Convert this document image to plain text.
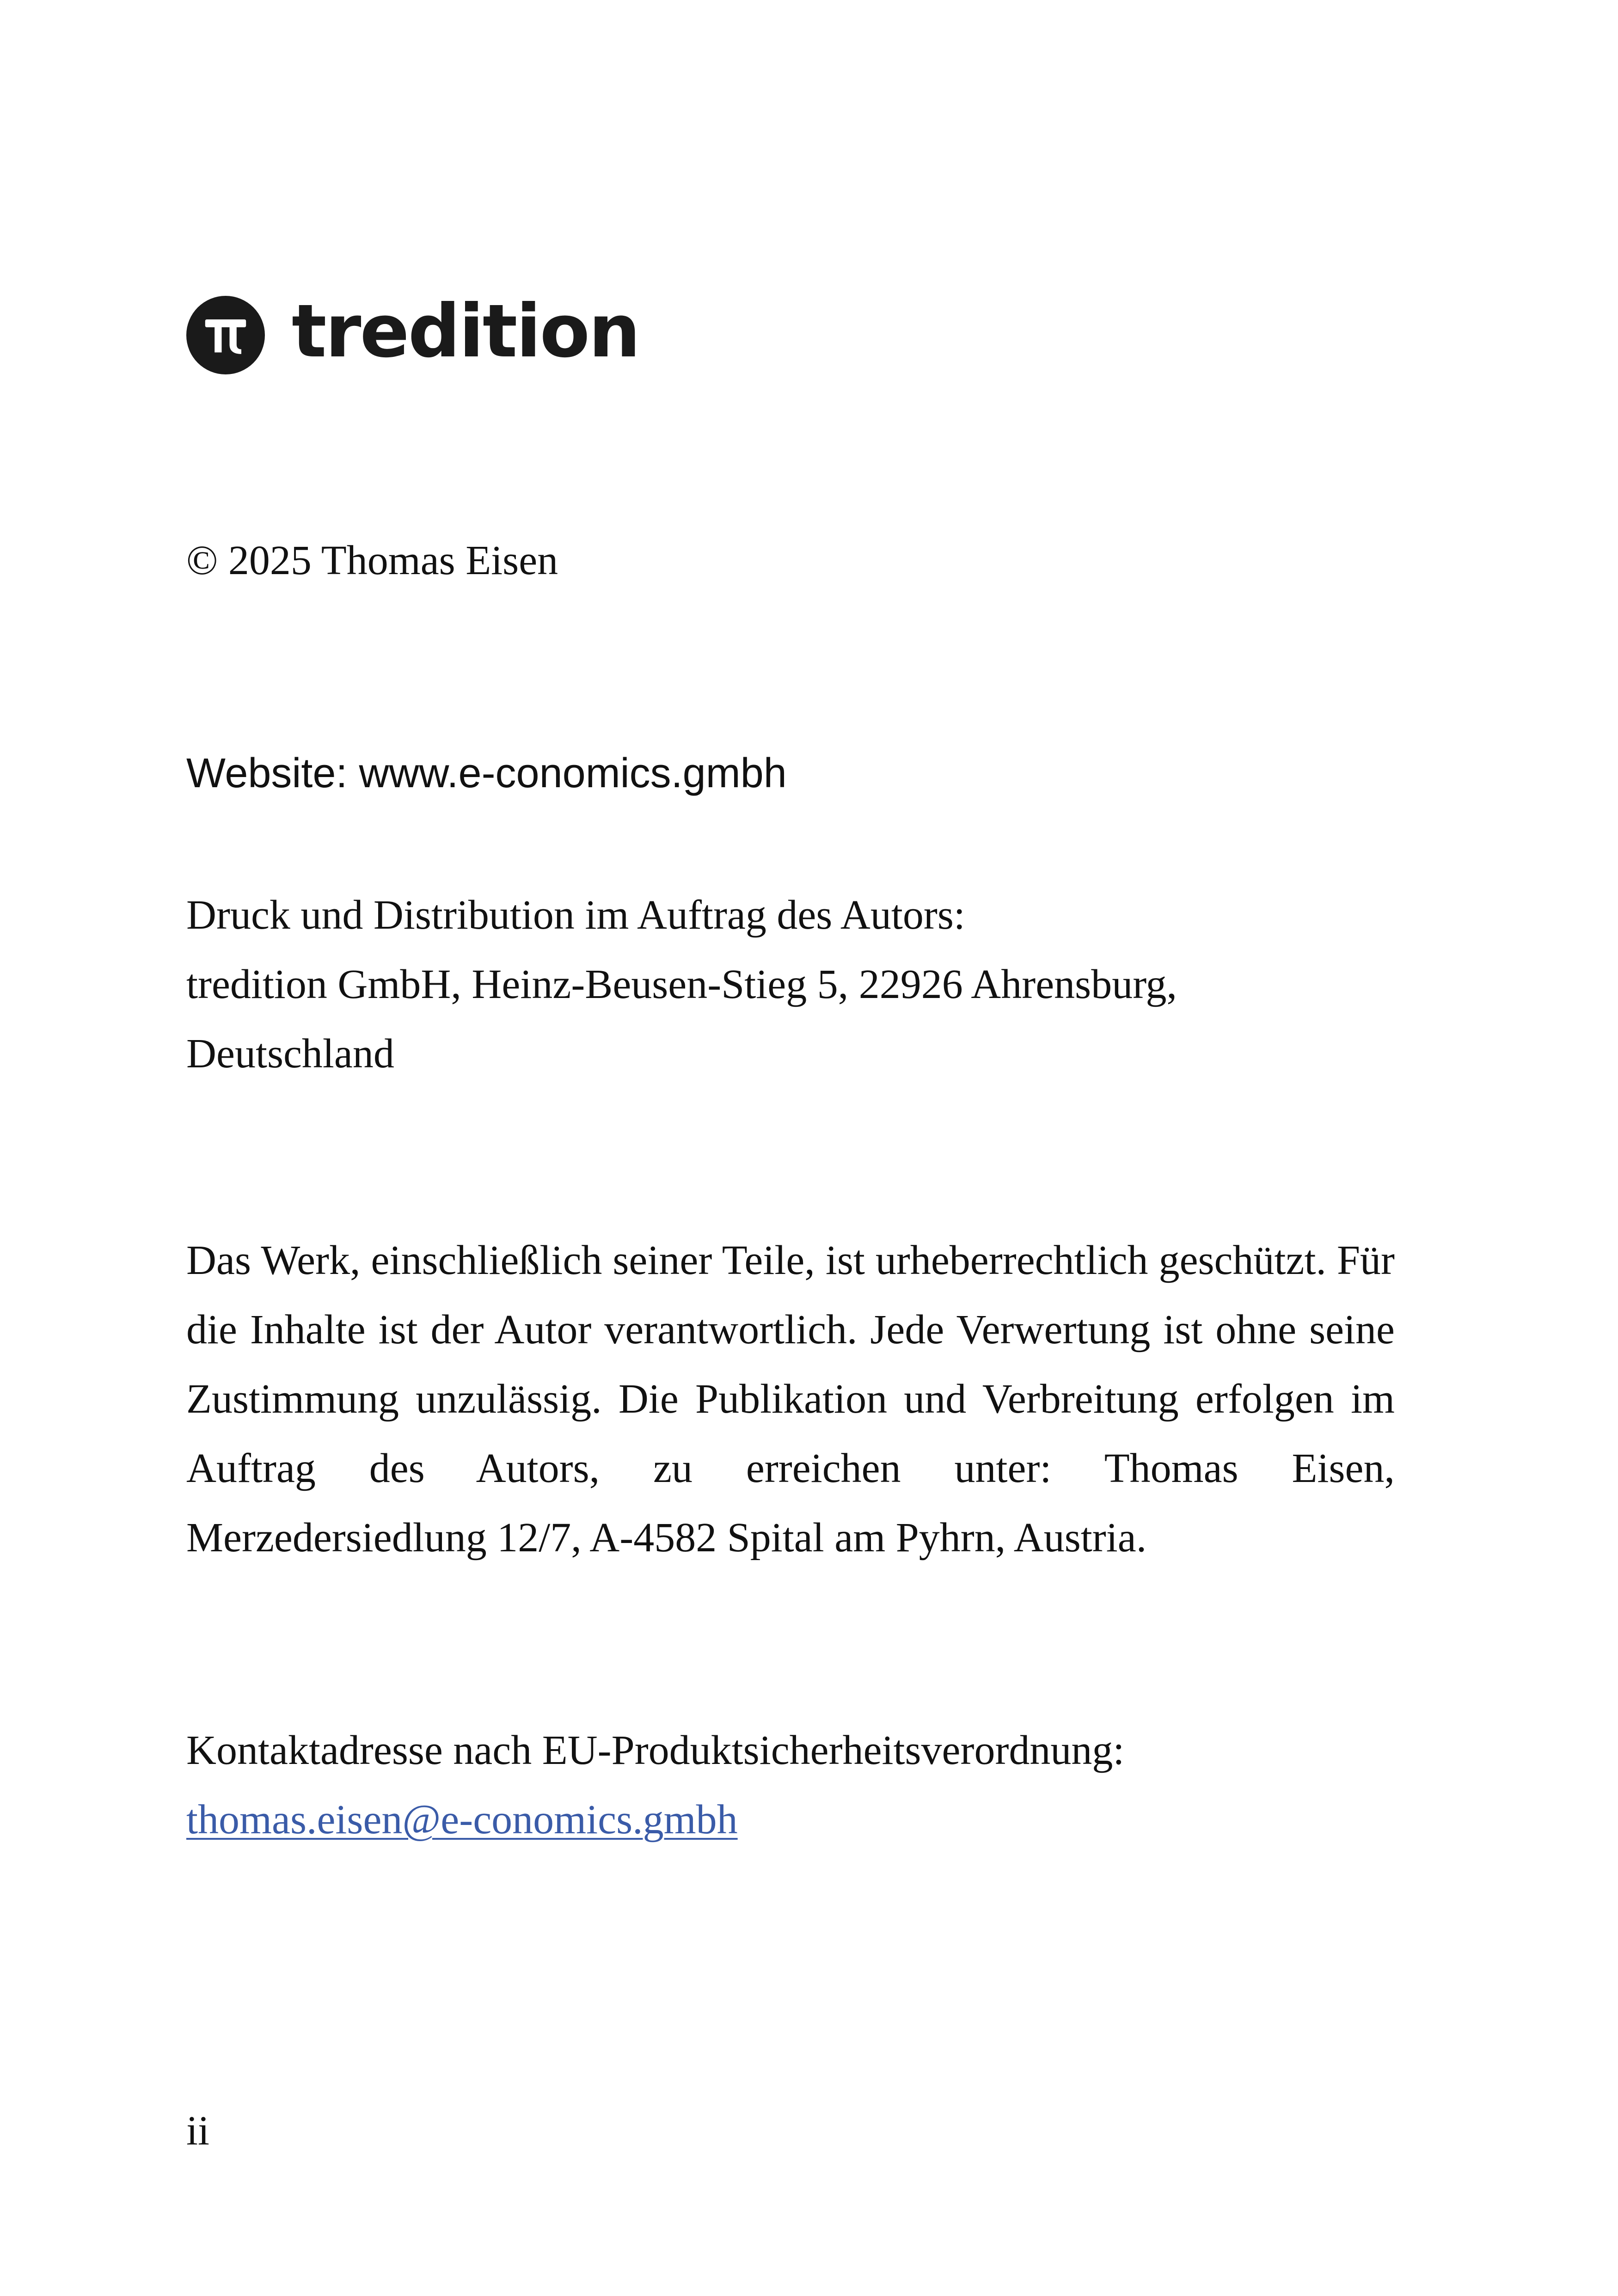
tredition

© 2025 Thomas Eisen

Website: www.e-conomics.gmbh

Druck und Distribution im Auftrag des Autors:
tredition GmbH, Heinz-Beusen-Stieg 5, 22926 Ahrensburg,
Deutschland

Das Werk, einschließlich seiner Teile, ist urheberrechtlich geschützt. Für die Inhalte ist der Autor verantwortlich. Jede Verwertung ist ohne seine Zustimmung unzulässig. Die Publikation und Verbreitung erfolgen im Auftrag des Autors, zu erreichen unter: Thomas Eisen, Merzedersiedlung 12/7, A-4582 Spital am Pyhrn, Austria.

Kontaktadresse nach EU-Produktsicherheitsverordnung:
thomas.eisen@e-conomics.gmbh

ii
